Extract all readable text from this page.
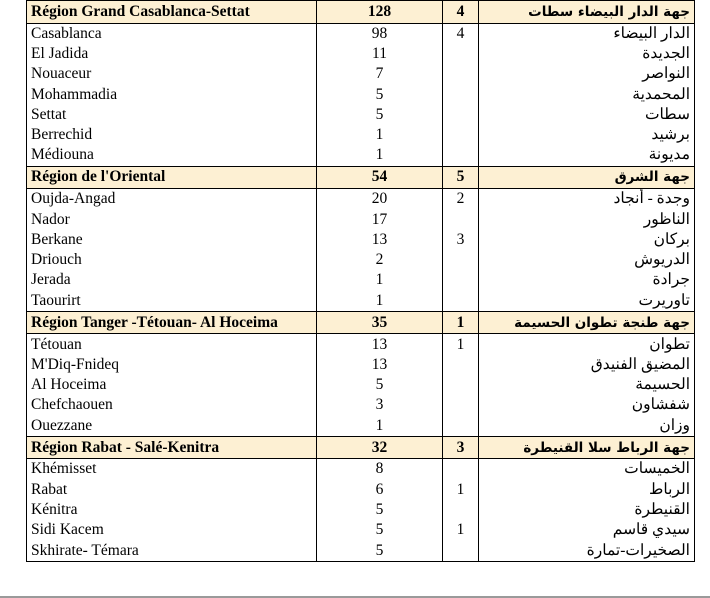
Région Grand Casablanca-Settat	128	4	جهة الدار البيضاء سطات
Casablanca	98	4	الدار البيضاء
El Jadida	11		الجديدة
Nouaceur	7		النواصر
Mohammadia	5		المحمدية
Settat	5		سطات
Berrechid	1		برشيد
Médiouna	1		مديونة
Région de l'Oriental	54	5	جهة الشرق
Oujda-Angad	20	2	وجدة - أنجاد
Nador	17		الناظور
Berkane	13	3	بركان
Driouch	2		الدريوش
Jerada	1		جرادة
Taourirt	1		تاوريرت
Région Tanger -Tétouan- Al Hoceima	35	1	جهة طنجة تطوان الحسيمة
Tétouan	13	1	تطوان
M'Diq-Fnideq	13		المضيق الفنيدق
Al Hoceima	5		الحسيمة
Chefchaouen	3		شفشاون
Ouezzane	1		وزان
Région Rabat - Salé-Kenitra	32	3	جهة الرباط سلا القنيطرة
Khémisset	8		الخميسات
Rabat	6	1	الرباط
Kénitra	5		القنيطرة
Sidi Kacem	5	1	سيدي قاسم
Skhirate- Témara	5		الصخيرات-تمارة
